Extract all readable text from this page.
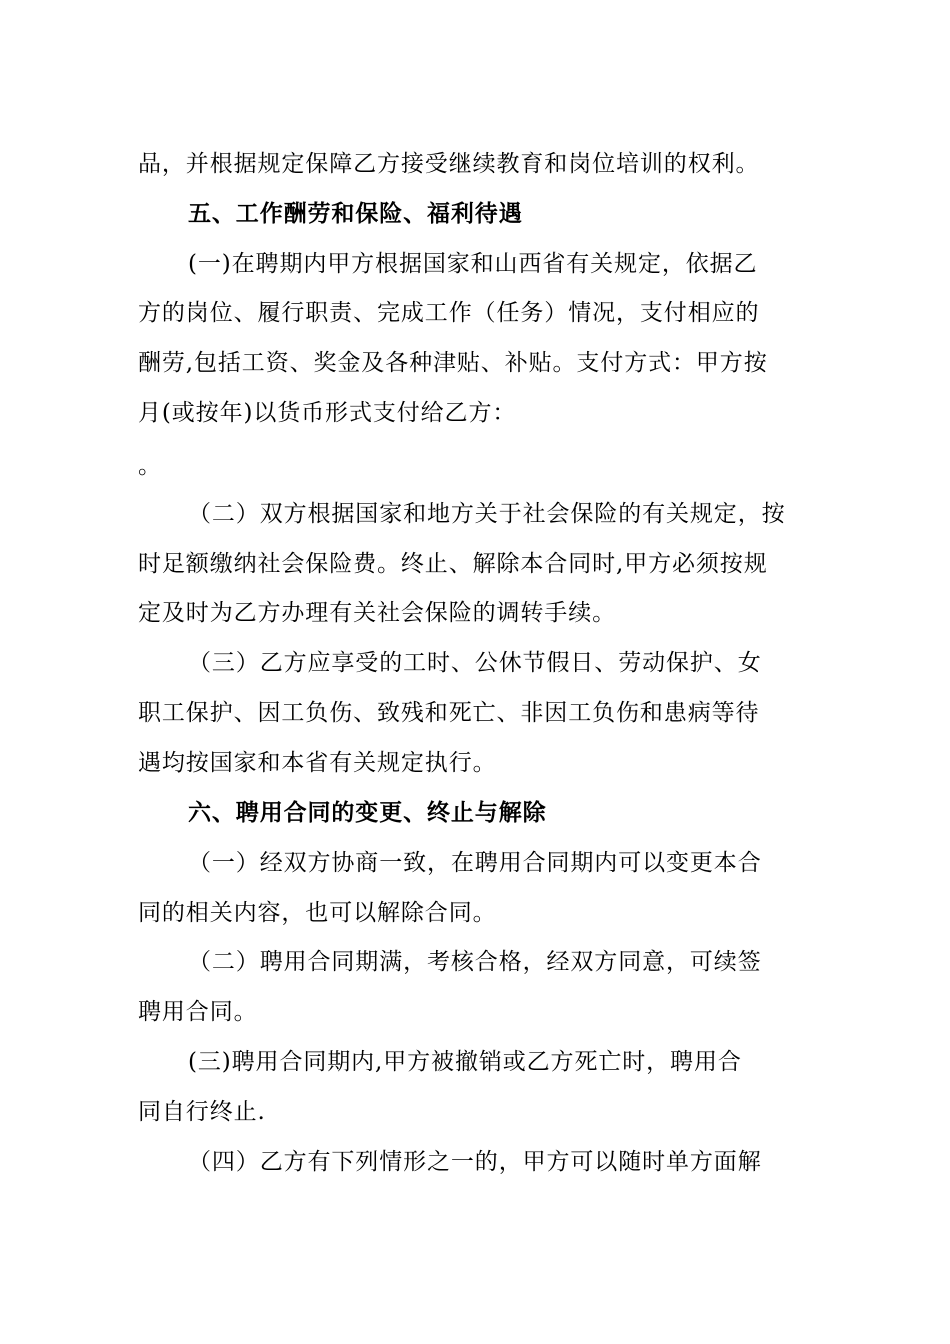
品，并根据规定保障乙方接受继续教育和岗位培训的权利。
五、工作酬劳和保险、福利待遇
(一)在聘期内甲方根据国家和山西省有关规定，依据乙
方的岗位、履行职责、完成工作（任务）情况，支付相应的
酬劳,包括工资、奖金及各种津贴、补贴。支付方式：甲方按
月(或按年)以货币形式支付给乙方：
。
（二）双方根据国家和地方关于社会保险的有关规定，按
时足额缴纳社会保险费。终止、解除本合同时,甲方必须按规
定及时为乙方办理有关社会保险的调转手续。
（三）乙方应享受的工时、公休节假日、劳动保护、女
职工保护、因工负伤、致残和死亡、非因工负伤和患病等待
遇均按国家和本省有关规定执行。
六、聘用合同的变更、终止与解除
（一）经双方协商一致，在聘用合同期内可以变更本合
同的相关内容，也可以解除合同。
（二）聘用合同期满，考核合格，经双方同意，可续签
聘用合同。
(三)聘用合同期内,甲方被撤销或乙方死亡时，聘用合
同自行终止.
（四）乙方有下列情形之一的，甲方可以随时单方面解
